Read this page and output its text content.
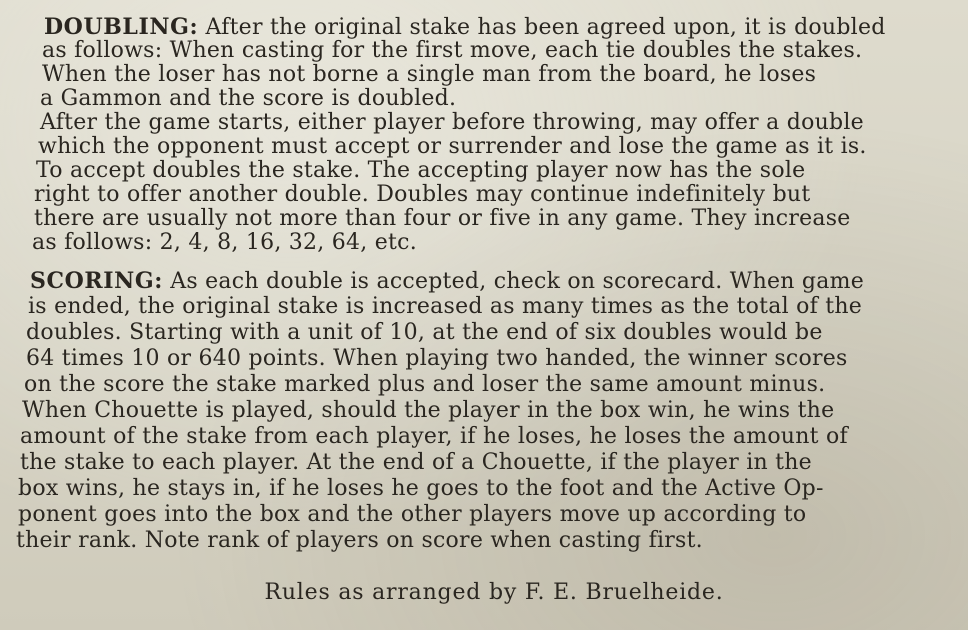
DOUBLING: After the original stake has been agreed upon, it is doubled
as follows: When casting for the first move, each tie doubles the stakes.
When the loser has not borne a single man from the board, he loses
a Gammon and the score is doubled.
After the game starts, either player before throwing, may offer a double
which the opponent must accept or surrender and lose the game as it is.
To accept doubles the stake. The accepting player now has the sole
right to offer another double. Doubles may continue indefinitely but
there are usually not more than four or five in any game. They increase
as follows: 2, 4, 8, 16, 32, 64, etc.
SCORING: As each double is accepted, check on scorecard. When game
is ended, the original stake is increased as many times as the total of the
doubles. Starting with a unit of 10, at the end of six doubles would be
64 times 10 or 640 points. When playing two handed, the winner scores
on the score the stake marked plus and loser the same amount minus.
When Chouette is played, should the player in the box win, he wins the
amount of the stake from each player, if he loses, he loses the amount of
the stake to each player. At the end of a Chouette, if the player in the
box wins, he stays in, if he loses he goes to the foot and the Active Op-
ponent goes into the box and the other players move up according to
their rank. Note rank of players on score when casting first.
Rules as arranged by F. E. Bruelheide.
